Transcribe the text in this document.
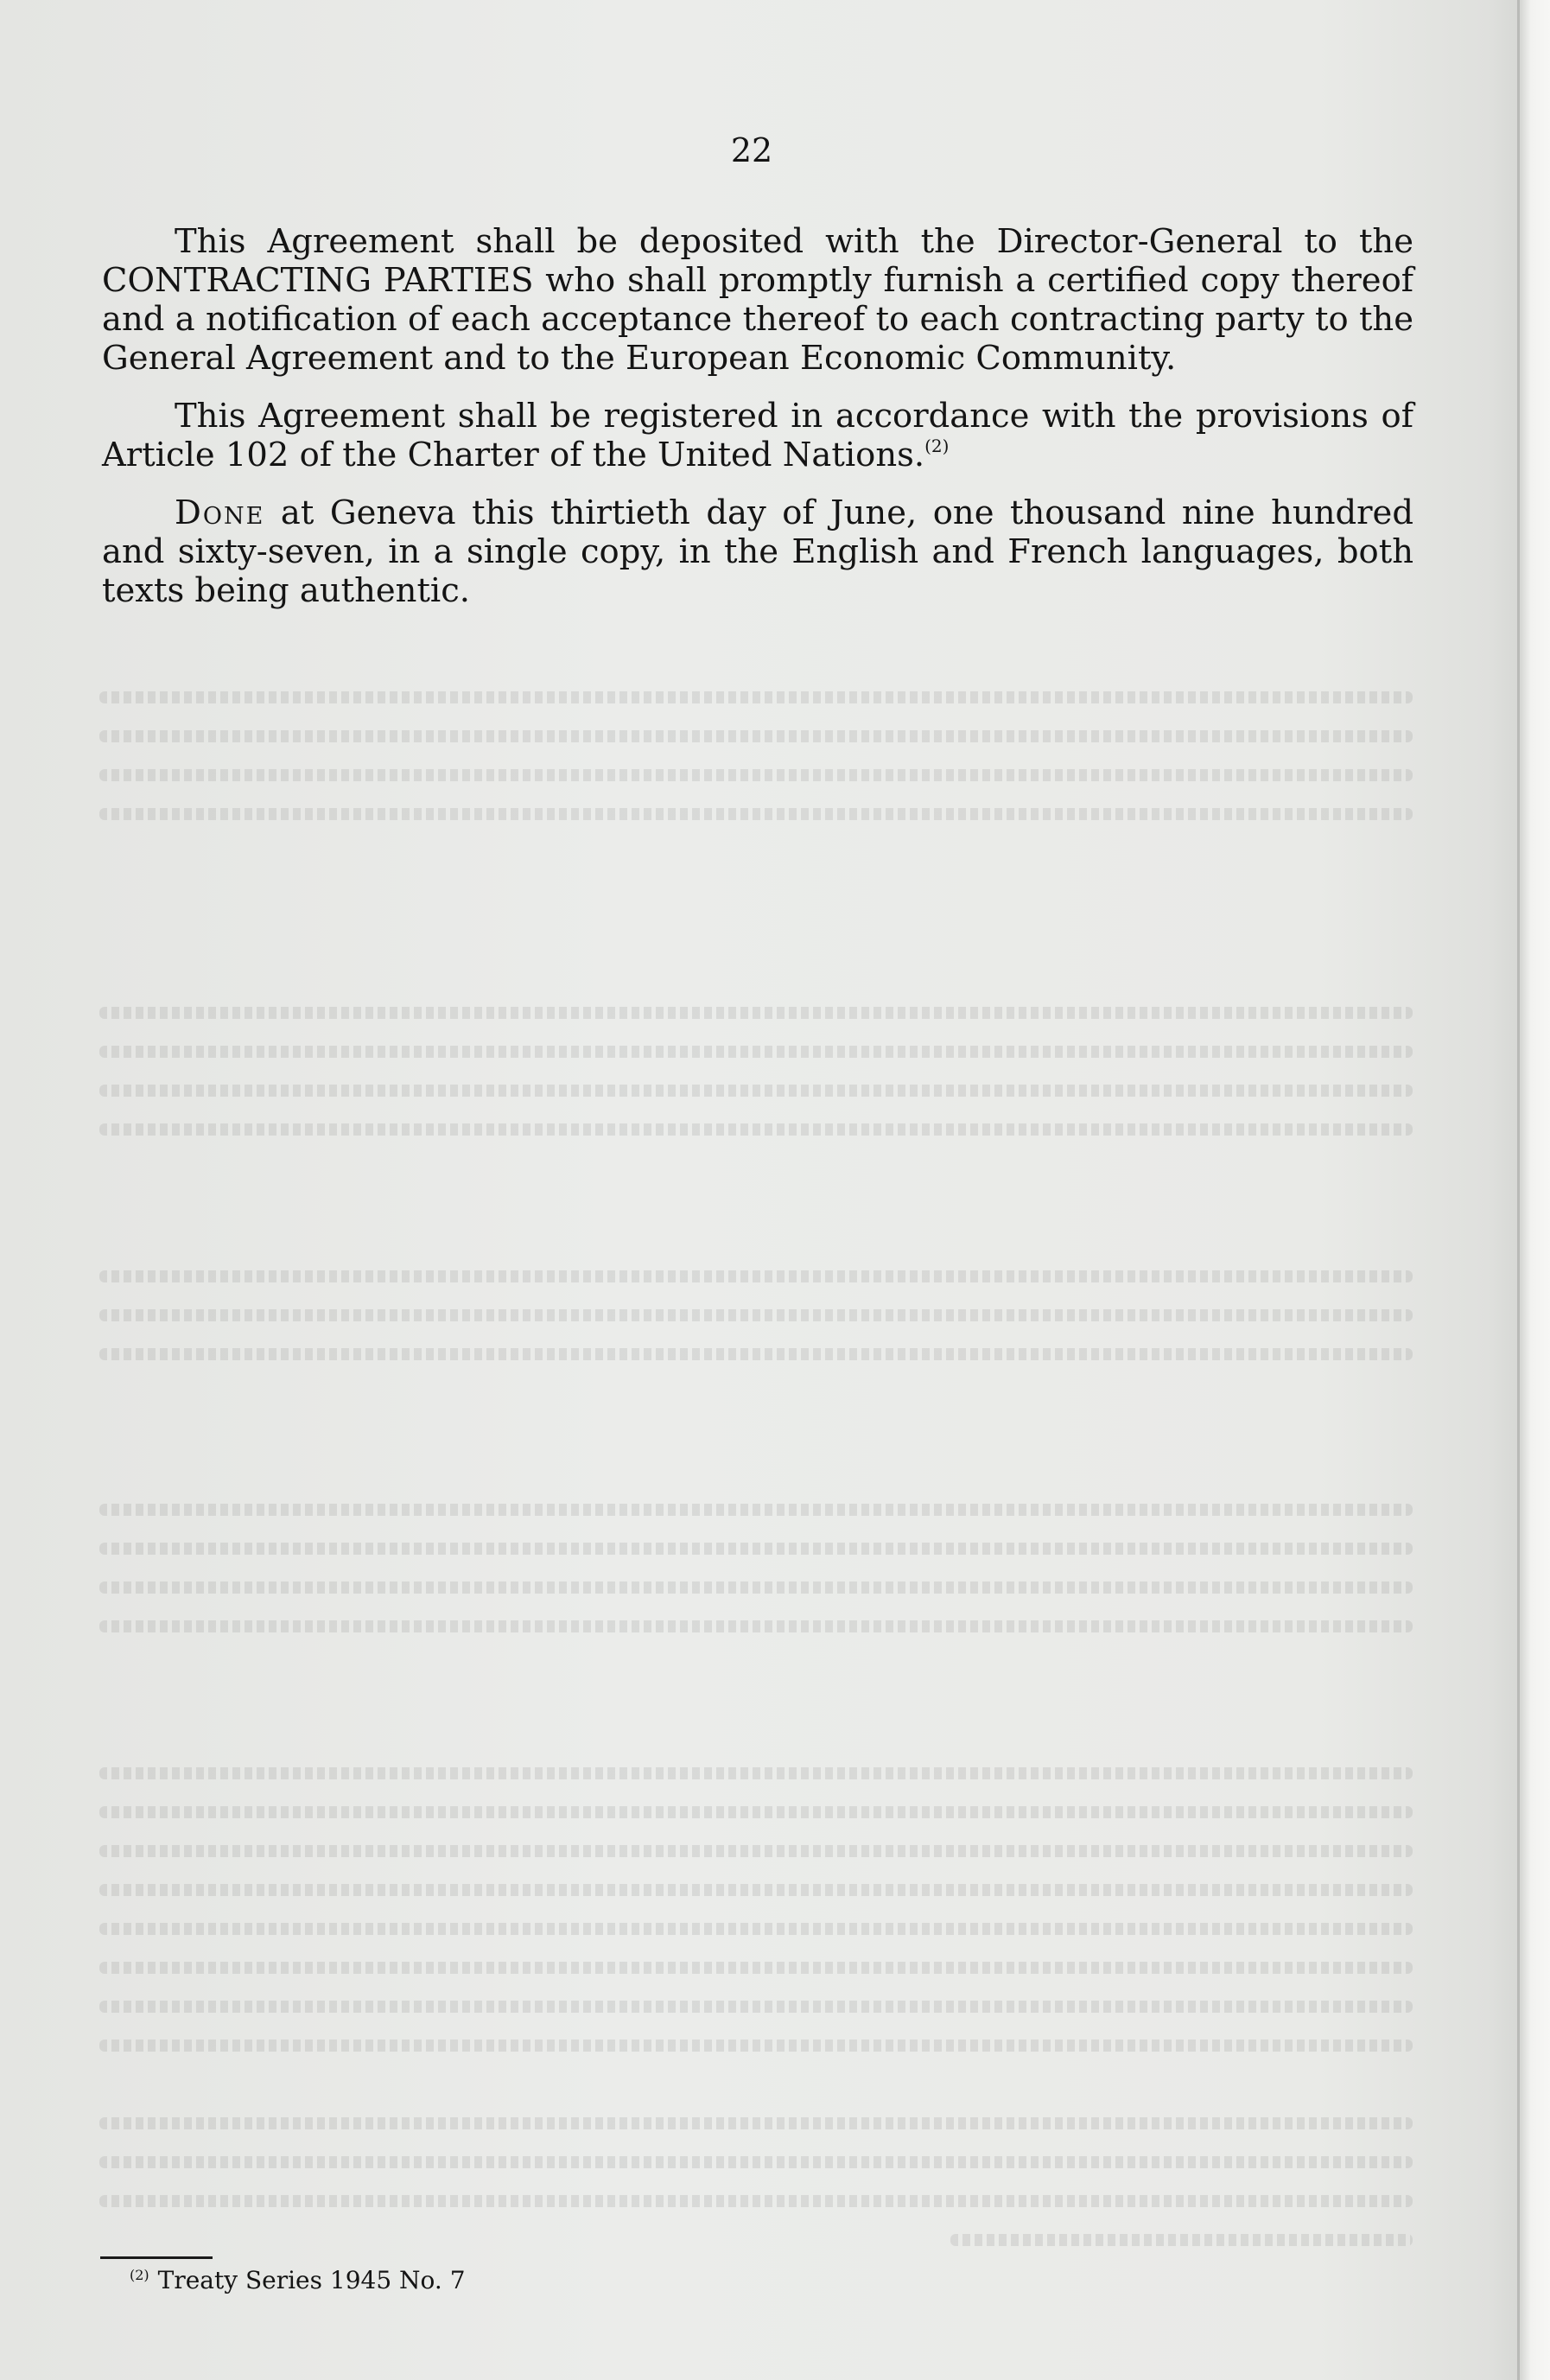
22

This Agreement shall be deposited with the Director-General to the CONTRACTING PARTIES who shall promptly furnish a certified copy thereof and a notification of each acceptance thereof to each contracting party to the General Agreement and to the European Economic Community.

This Agreement shall be registered in accordance with the provisions of Article 102 of the Charter of the United Nations.$^{(2)}$

Done at Geneva this thirtieth day of June, one thousand nine hundred and sixty-seven, in a single copy, in the English and French languages, both texts being authentic.

$^{(2)}$ Treaty Series 1945 No. 7
